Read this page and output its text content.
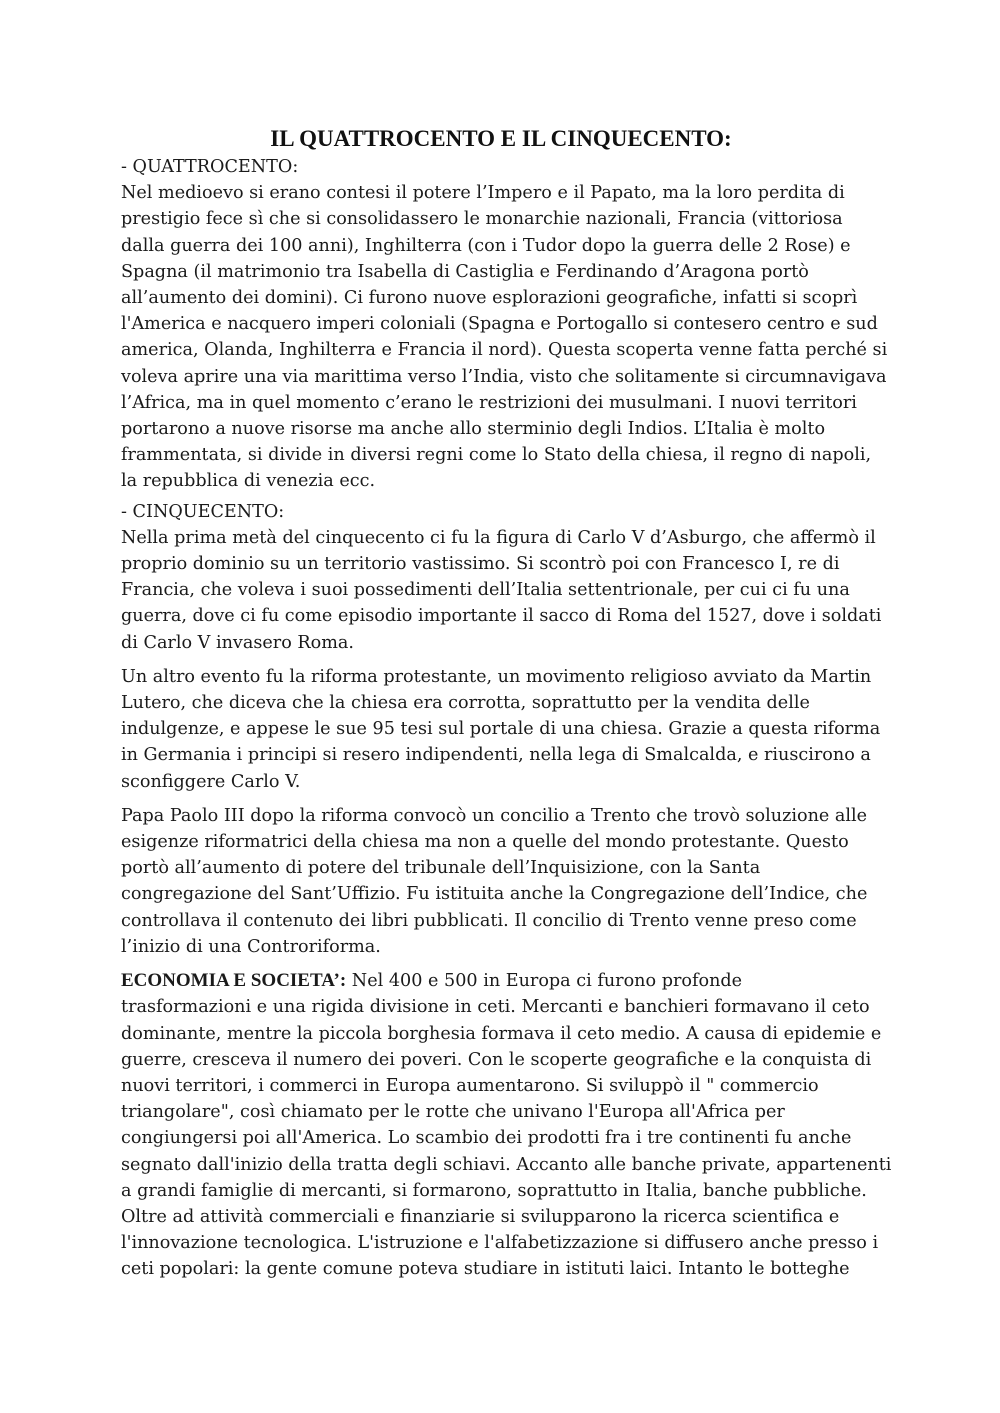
IL QUATTROCENTO E IL CINQUECENTO:

- QUATTROCENTO:

Nel medioevo si erano contesi il potere l’Impero e il Papato, ma la loro perdita di
prestigio fece sì che si consolidassero le monarchie nazionali, Francia (vittoriosa
dalla guerra dei 100 anni), Inghilterra (con i Tudor dopo la guerra delle 2 Rose) e
Spagna (il matrimonio tra Isabella di Castiglia e Ferdinando d’Aragona portò
all’aumento dei domini). Ci furono nuove esplorazioni geografiche, infatti si scoprì
l'America e nacquero imperi coloniali (Spagna e Portogallo si contesero centro e sud
america, Olanda, Inghilterra e Francia il nord). Questa scoperta venne fatta perché si
voleva aprire una via marittima verso l’India, visto che solitamente si circumnavigava
l’Africa, ma in quel momento c’erano le restrizioni dei musulmani. I nuovi territori
portarono a nuove risorse ma anche allo sterminio degli Indios. L’Italia è molto
frammentata, si divide in diversi regni come lo Stato della chiesa, il regno di napoli,
la repubblica di venezia ecc.

- CINQUECENTO:

Nella prima metà del cinquecento ci fu la figura di Carlo V d’Asburgo, che affermò il
proprio dominio su un territorio vastissimo. Si scontrò poi con Francesco I, re di
Francia, che voleva i suoi possedimenti dell’Italia settentrionale, per cui ci fu una
guerra, dove ci fu come episodio importante il sacco di Roma del 1527, dove i soldati
di Carlo V invasero Roma.

Un altro evento fu la riforma protestante, un movimento religioso avviato da Martin
Lutero, che diceva che la chiesa era corrotta, soprattutto per la vendita delle
indulgenze, e appese le sue 95 tesi sul portale di una chiesa. Grazie a questa riforma
in Germania i principi si resero indipendenti, nella lega di Smalcalda, e riuscirono a
sconfiggere Carlo V.

Papa Paolo III dopo la riforma convocò un concilio a Trento che trovò soluzione alle
esigenze riformatrici della chiesa ma non a quelle del mondo protestante. Questo
portò all’aumento di potere del tribunale dell’Inquisizione, con la Santa
congregazione del Sant’Uffizio. Fu istituita anche la Congregazione dell’Indice, che
controllava il contenuto dei libri pubblicati. Il concilio di Trento venne preso come
l’inizio di una Controriforma.

ECONOMIA E SOCIETA’: Nel 400 e 500 in Europa ci furono profonde
trasformazioni e una rigida divisione in ceti. Mercanti e banchieri formavano il ceto
dominante, mentre la piccola borghesia formava il ceto medio. A causa di epidemie e
guerre, cresceva il numero dei poveri. Con le scoperte geografiche e la conquista di
nuovi territori, i commerci in Europa aumentarono. Si sviluppò il " commercio
triangolare", così chiamato per le rotte che univano l'Europa all'Africa per
congiungersi poi all'America. Lo scambio dei prodotti fra i tre continenti fu anche
segnato dall'inizio della tratta degli schiavi. Accanto alle banche private, appartenenti
a grandi famiglie di mercanti, si formarono, soprattutto in Italia, banche pubbliche.
Oltre ad attività commerciali e finanziarie si svilupparono la ricerca scientifica e
l'innovazione tecnologica. L'istruzione e l'alfabetizzazione si diffusero anche presso i
ceti popolari: la gente comune poteva studiare in istituti laici. Intanto le botteghe
